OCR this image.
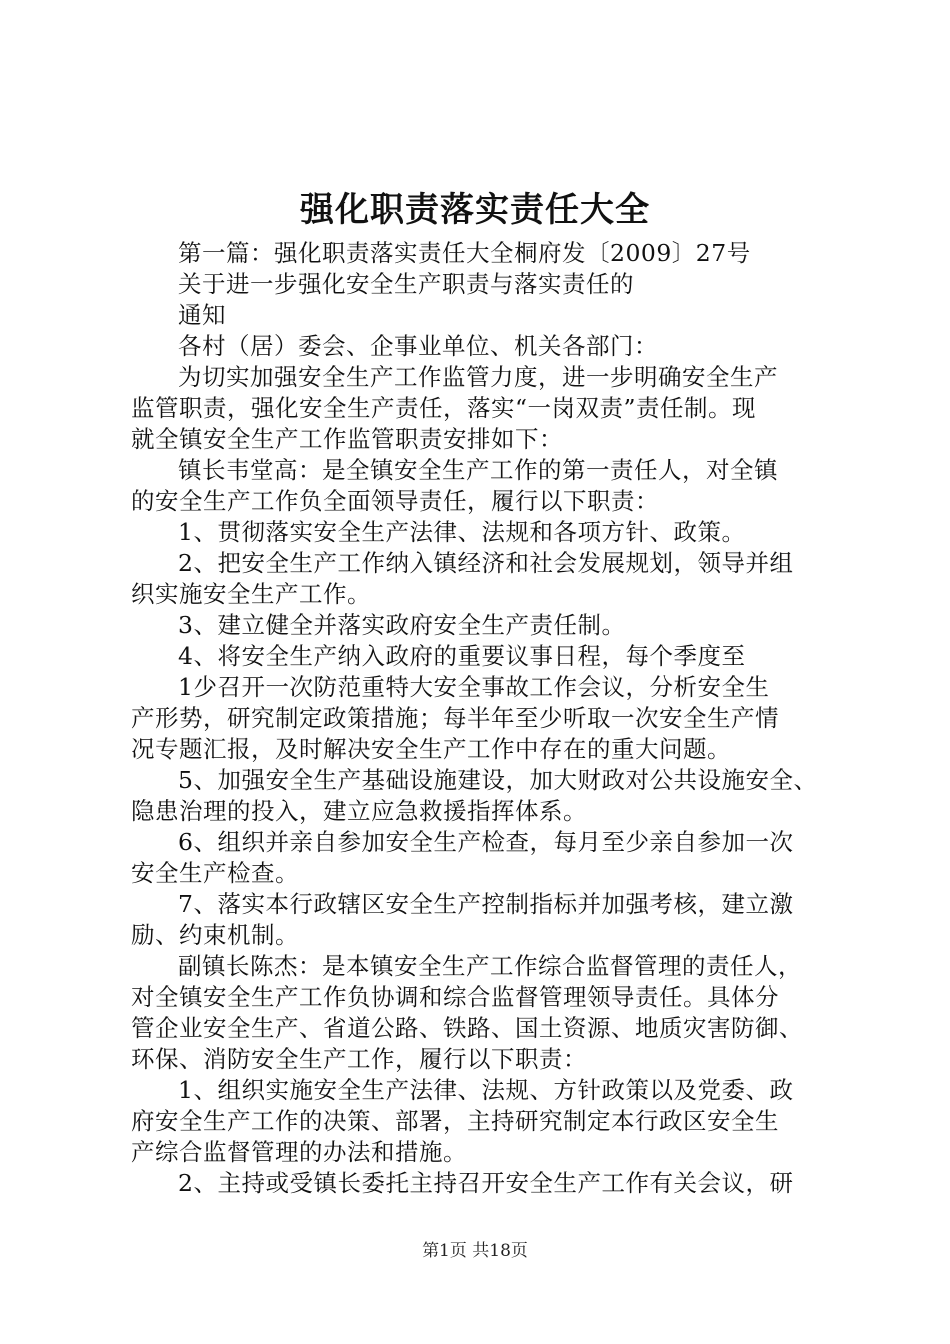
强化职责落实责任大全
第一篇：强化职责落实责任大全桐府发〔2009〕27号
关于进一步强化安全生产职责与落实责任的
通知
各村（居）委会、企事业单位、机关各部门：
为切实加强安全生产工作监管力度，进一步明确安全生产
监管职责，强化安全生产责任，落实“一岗双责”责任制。现
就全镇安全生产工作监管职责安排如下：
镇长韦堂高：是全镇安全生产工作的第一责任人，对全镇
的安全生产工作负全面领导责任，履行以下职责：
1、贯彻落实安全生产法律、法规和各项方针、政策。
2、把安全生产工作纳入镇经济和社会发展规划，领导并组
织实施安全生产工作。
3、建立健全并落实政府安全生产责任制。
4、将安全生产纳入政府的重要议事日程，每个季度至
1少召开一次防范重特大安全事故工作会议，分析安全生
产形势，研究制定政策措施；每半年至少听取一次安全生产情
况专题汇报，及时解决安全生产工作中存在的重大问题。
5、加强安全生产基础设施建设，加大财政对公共设施安全、
隐患治理的投入，建立应急救援指挥体系。
6、组织并亲自参加安全生产检查，每月至少亲自参加一次
安全生产检查。
7、落实本行政辖区安全生产控制指标并加强考核，建立激
励、约束机制。
副镇长陈杰：是本镇安全生产工作综合监督管理的责任人，
对全镇安全生产工作负协调和综合监督管理领导责任。具体分
管企业安全生产、省道公路、铁路、国土资源、地质灾害防御、
环保、消防安全生产工作，履行以下职责：
1、组织实施安全生产法律、法规、方针政策以及党委、政
府安全生产工作的决策、部署，主持研究制定本行政区安全生
产综合监督管理的办法和措施。
2、主持或受镇长委托主持召开安全生产工作有关会议，研
第1页 共18页
